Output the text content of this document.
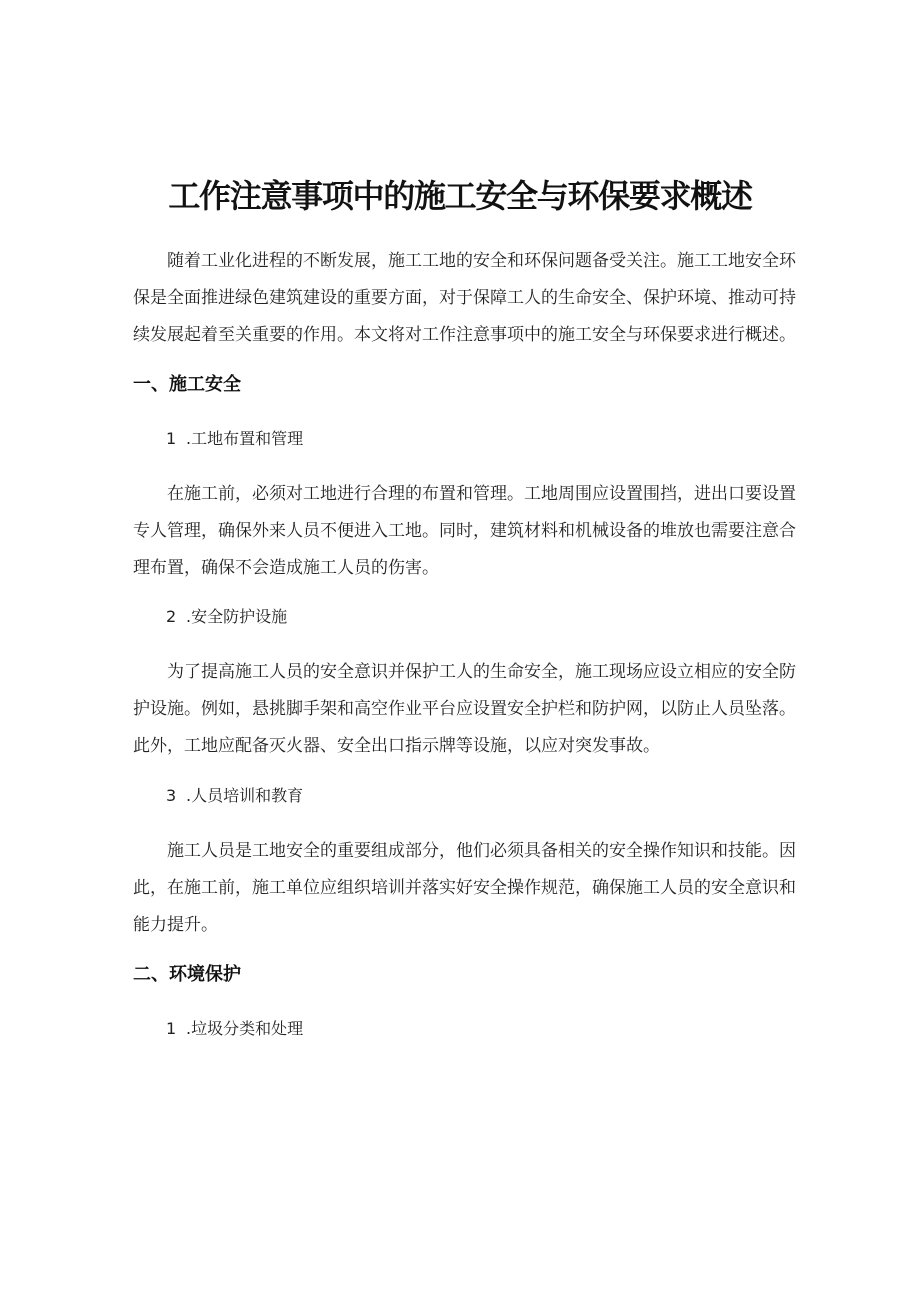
工作注意事项中的施工安全与环保要求概述

随着工业化进程的不断发展，施工工地的安全和环保问题备受关注。施工工地安全环保是全面推进绿色建筑建设的重要方面，对于保障工人的生命安全、保护环境、推动可持续发展起着至关重要的作用。本文将对工作注意事项中的施工安全与环保要求进行概述。

一、施工安全
1 .工地布置和管理

在施工前，必须对工地进行合理的布置和管理。工地周围应设置围挡，进出口要设置专人管理，确保外来人员不便进入工地。同时，建筑材料和机械设备的堆放也需要注意合理布置，确保不会造成施工人员的伤害。

2 .安全防护设施

为了提高施工人员的安全意识并保护工人的生命安全，施工现场应设立相应的安全防护设施。例如，悬挑脚手架和高空作业平台应设置安全护栏和防护网，以防止人员坠落。此外，工地应配备灭火器、安全出口指示牌等设施，以应对突发事故。

3 .人员培训和教育

施工人员是工地安全的重要组成部分，他们必须具备相关的安全操作知识和技能。因此，在施工前，施工单位应组织培训并落实好安全操作规范，确保施工人员的安全意识和能力提升。

二、环境保护
1 .垃圾分类和处理
